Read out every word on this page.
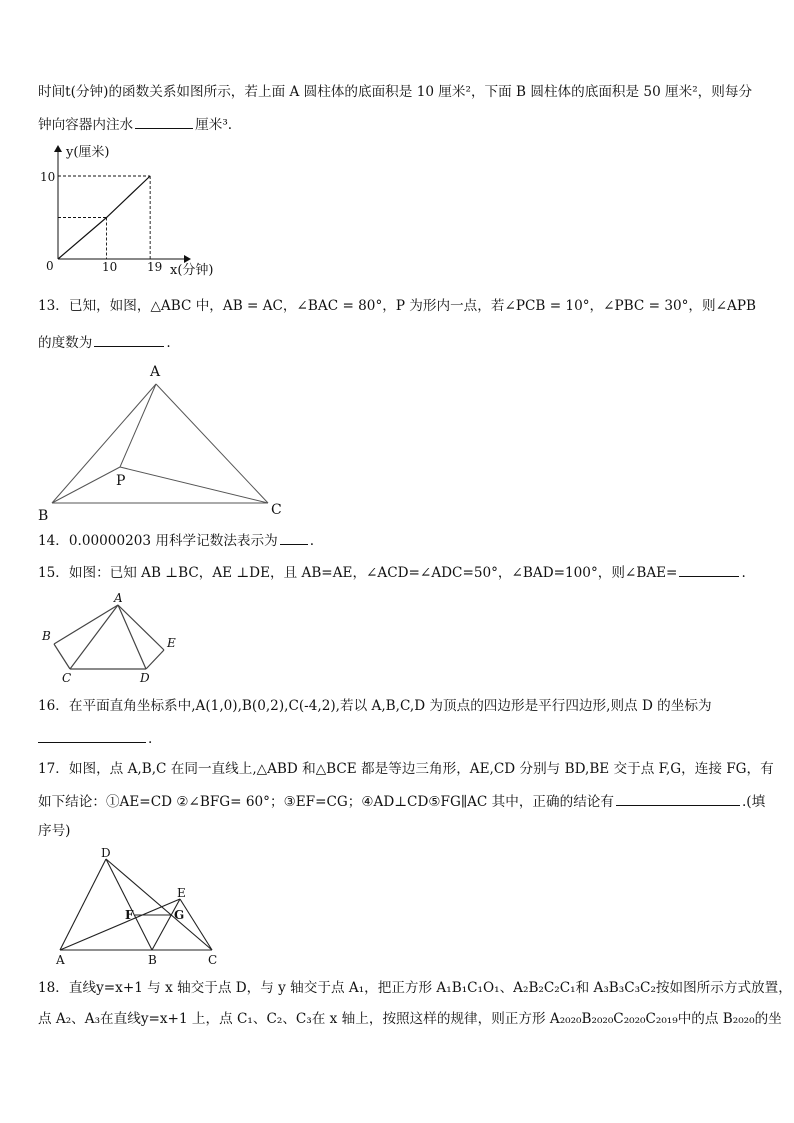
时间t(分钟)的函数关系如图所示，若上面 A 圆柱体的底面积是 10 厘米²，下面 B 圆柱体的底面积是 50 厘米²，则每分
钟向容器内注水	厘米³.
y(厘米)
x(分钟)
0
10
10 19
13．已知，如图，△ABC 中，AB = AC，∠BAC = 80°，P 为形内一点，若∠PCB = 10°，∠PBC = 30°，则∠APB
的度数为	.
A
B	C
P
14．0.00000203 用科学记数法表示为 .
15．如图：已知 AB ⊥BC，AE ⊥DE，且 AB=AE，∠ACD=∠ADC=50°，∠BAD=100°，则∠BAE=	.
A
B
C	D
E
16．在平面直角坐标系中,A(1,0),B(0,2),C(-4,2),若以 A,B,C,D 为顶点的四边形是平行四边形,则点 D 的坐标为
.
17．如图，点 A,B,C 在同一直线上,△ABD 和△BCE 都是等边三角形，AE,CD 分别与 BD,BE 交于点 F,G，连接 FG，有
如下结论：①AE=CD ②∠BFG= 60°；③EF=CG；④AD⊥CD⑤FG∥AC 其中，正确的结论有	.(填
序号)
A	B	C
D
E
F	G
18．直线y=x+1 与 x 轴交于点 D，与 y 轴交于点 A₁，把正方形 A₁B₁C₁O₁、A₂B₂C₂C₁和 A₃B₃C₃C₂按如图所示方式放置，
点 A₂、A₃在直线y=x+1 上，点 C₁、C₂、C₃在 x 轴上，按照这样的规律，则正方形 A₂₀₂₀B₂₀₂₀C₂₀₂₀C₂₀₁₉中的点 B₂₀₂₀的坐
